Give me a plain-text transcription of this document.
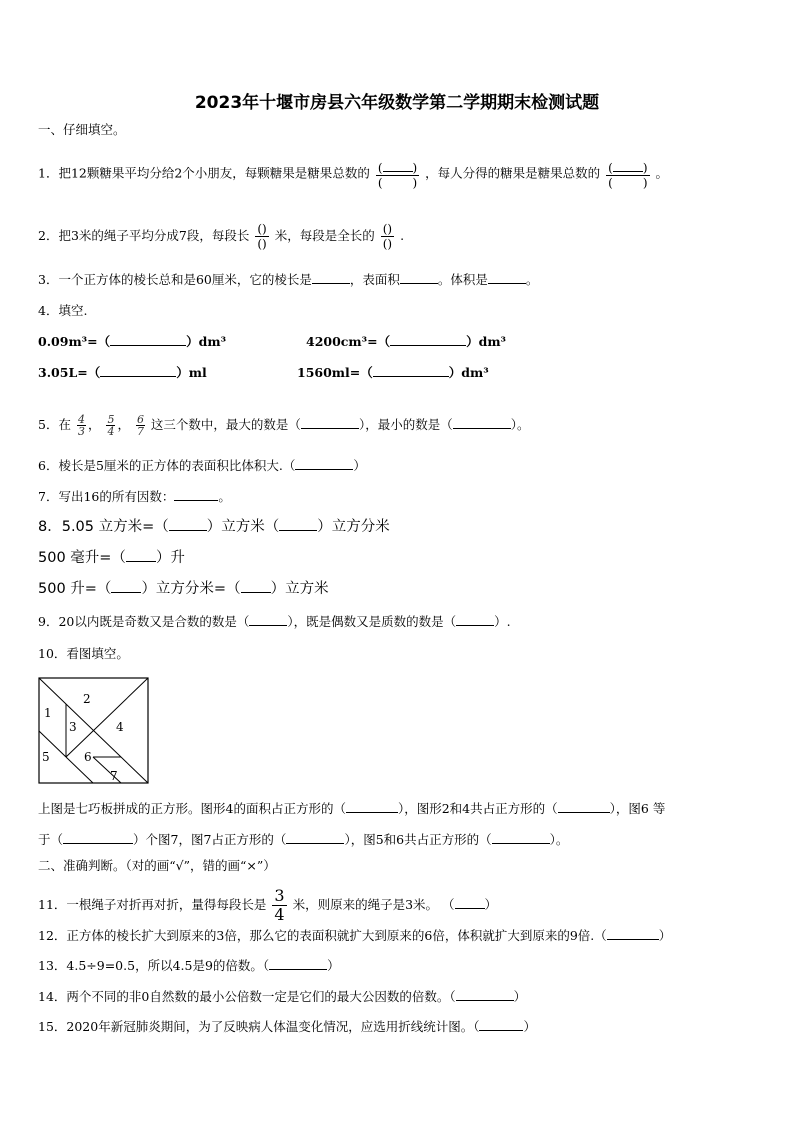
2023年十堰市房县六年级数学第二学期期末检测试题
一、仔细填空。
1．把12颗糖果平均分给2个小朋友，每颗糖果是糖果总数的 (	)
(	) ，每人分得的糖果是糖果总数的 (	)
(	) 。
2．把3米的绳子平均分成7段，每段长 $\frac{()}{()}$ 米，每段是全长的 $\frac{()}{()}$ .
3．一个正方体的棱长总和是60厘米，它的棱长是	，表面积	。体积是	。
4．填空.
0.09m³=（	）dm³	4200cm³=（	）dm³
3.05L=（	）ml	1560ml=（	）dm³
5．在 $\frac{4}{3}$ ， $\frac{5}{4}$ ， $\frac{6}{7}$ 这三个数中，最大的数是（	），最小的数是（	）。
6．棱长是5厘米的正方体的表面积比体积大.（	）
7．写出16的所有因数：	。
8．5.05 立方米=（	）立方米（	）立方分米
500 毫升=（ ）升
500 升=（ ）立方分米=（ ）立方米
9．20以内既是奇数又是合数的数是（	），既是偶数又是质数的数是（	）.
10．看图填空。
2
1
3	4
5	6
7
上图是七巧板拼成的正方形。图形4的面积占正方形的（	），图形2和4共占正方形的（	），图6 等
于（	）个图7，图7占正方形的（	），图5和6共占正方形的（	）。
二、准确判断。（对的画“√”，错的画“×”）
11．一根绳子对折再对折，量得每段长是 $\frac{3}{4}$ 米，则原来的绳子是3米。 （ ）
12．正方体的棱长扩大到原来的3倍，那么它的表面积就扩大到原来的6倍，体积就扩大到原来的9倍.（	）
13．4.5÷9=0.5，所以4.5是9的倍数。（	）
14．两个不同的非0自然数的最小公倍数一定是它们的最大公因数的倍数。（	）
15．2020年新冠肺炎期间，为了反映病人体温变化情况，应选用折线统计图。（	）
